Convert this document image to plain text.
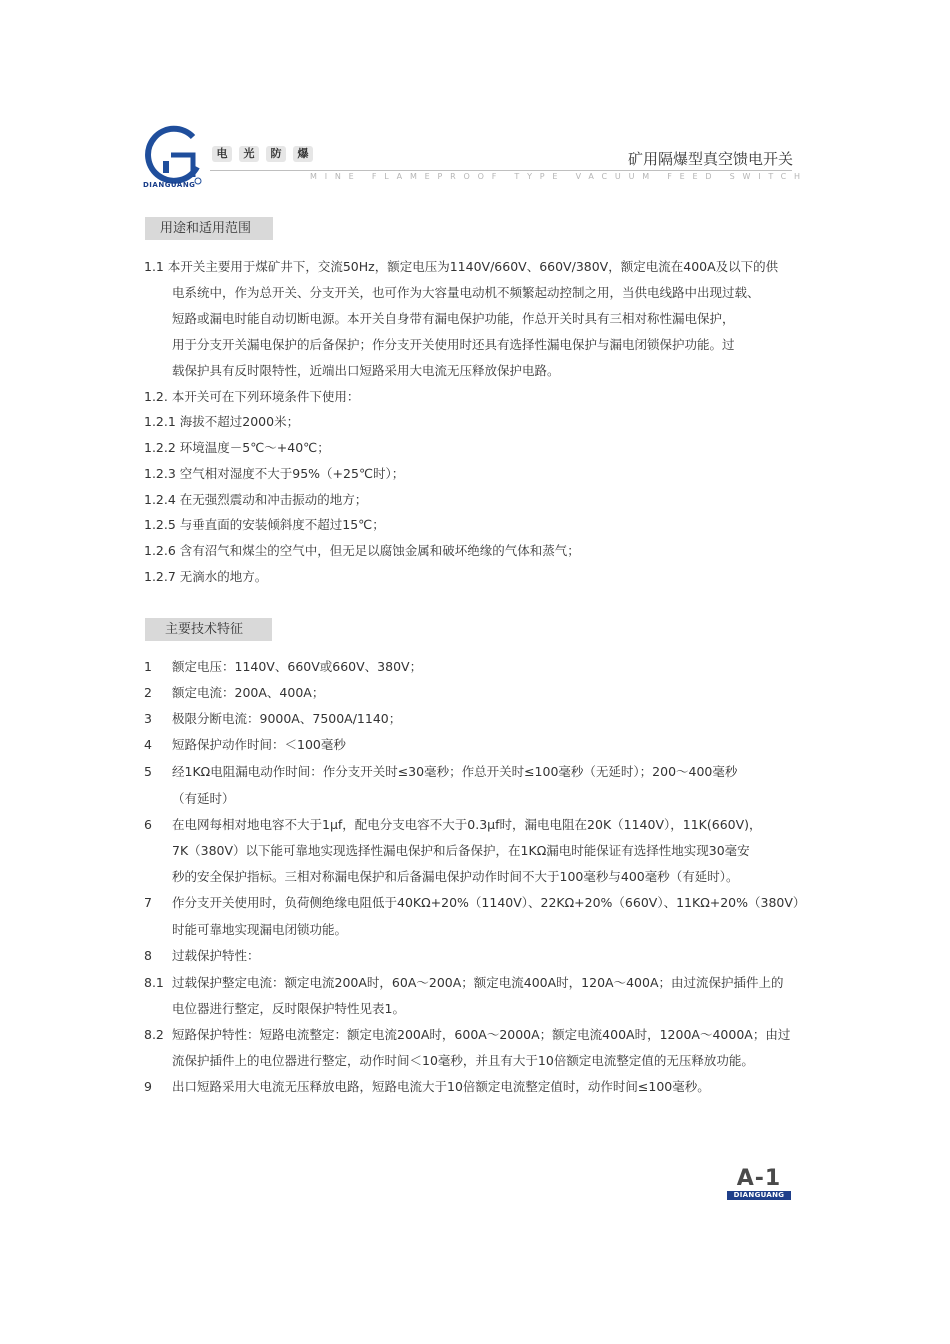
DIANGUANG
电	光	防	爆	矿用隔爆型真空馈电开关
MINE FLAMEPROOF TYPE VACUUM FEED SWITCH
用途和适用范围
1.1 本开关主要用于煤矿井下，交流50Hz，额定电压为1140V/660V、660V/380V，额定电流在400A及以下的供
电系统中，作为总开关、分支开关，也可作为大容量电动机不频繁起动控制之用，当供电线路中出现过载、
短路或漏电时能自动切断电源。本开关自身带有漏电保护功能，作总开关时具有三相对称性漏电保护，
用于分支开关漏电保护的后备保护；作分支开关使用时还具有选择性漏电保护与漏电闭锁保护功能。过
载保护具有反时限特性，近端出口短路采用大电流无压释放保护电路。
1.2. 本开关可在下列环境条件下使用：
1.2.1 海拔不超过2000米；
1.2.2 环境温度－5℃～+40℃；
1.2.3 空气相对湿度不大于95%（+25℃时）；
1.2.4 在无强烈震动和冲击振动的地方；
1.2.5 与垂直面的安装倾斜度不超过15℃；
1.2.6 含有沼气和煤尘的空气中，但无足以腐蚀金属和破坏绝缘的气体和蒸气；
1.2.7 无滴水的地方。
主要技术特征
1 额定电压：1140V、660V或660V、380V；
2 额定电流：200A、400A；
3 极限分断电流：9000A、7500A/1140；
4 短路保护动作时间：＜100毫秒
5 经1KΩ电阻漏电动作时间：作分支开关时≤30毫秒；作总开关时≤100毫秒（无延时）；200～400毫秒
（有延时）
6 在电网每相对地电容不大于1μf，配电分支电容不大于0.3μf时，漏电电阻在20K（1140V），11K(660V)，
7K（380V）以下能可靠地实现选择性漏电保护和后备保护，在1KΩ漏电时能保证有选择性地实现30毫安
秒的安全保护指标。三相对称漏电保护和后备漏电保护动作时间不大于100毫秒与400毫秒（有延时）。
7 作分支开关使用时，负荷侧绝缘电阻低于40KΩ+20%（1140V）、22KΩ+20%（660V）、11KΩ+20%（380V）
时能可靠地实现漏电闭锁功能。
8 过载保护特性：
8.1 过载保护整定电流：额定电流200A时，60A～200A；额定电流400A时，120A～400A；由过流保护插件上的
电位器进行整定，反时限保护特性见表1。
8.2 短路保护特性：短路电流整定：额定电流200A时，600A～2000A；额定电流400A时，1200A～4000A；由过
流保护插件上的电位器进行整定，动作时间＜10毫秒，并且有大于10倍额定电流整定值的无压释放功能。
9 出口短路采用大电流无压释放电路，短路电流大于10倍额定电流整定值时，动作时间≤100毫秒。
A-1
DIANGUANG
